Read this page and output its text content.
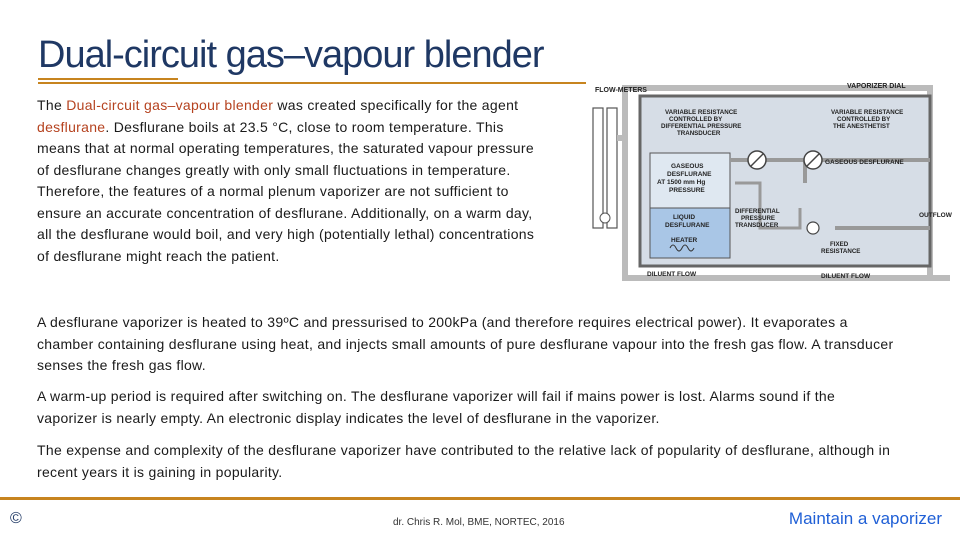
Dual-circuit gas–vapour blender
The Dual-circuit gas–vapour blender was created specifically for the agent desflurane. Desflurane boils at 23.5 °C, close to room temperature. This means that at normal operating temperatures, the saturated vapour pressure of desflurane changes greatly with only small fluctuations in temperature. Therefore, the features of a normal plenum vaporizer are not sufficient to ensure an accurate concentration of desflurane. Additionally, on a warm day, all the desflurane would boil, and very high (potentially lethal) concentrations of desflurane might reach the patient.
FLOW-METERS
VAPORIZER DIAL
VARIABLE RESISTANCE CONTROLLED BY DIFFERENTIAL PRESSURE TRANSDUCER
VARIABLE RESISTANCE CONTROLLED BY THE ANESTHETIST
GASEOUS DESFLURANE AT 1500 mm Hg PRESSURE
GASEOUS DESFLURANE
LIQUID DESFLURANE
HEATER
DIFFERENTIAL PRESSURE TRANSDUCER
OUTFLOW
FIXED RESISTANCE
DILUENT FLOW	DILUENT FLOW
A desflurane vaporizer is heated to 39ºC and pressurised to 200kPa (and therefore requires electrical power). It evaporates a chamber containing desflurane using heat, and injects small amounts of pure desflurane vapour into the fresh gas flow. A transducer senses the fresh gas flow.
A warm-up period is required after switching on. The desflurane vaporizer will fail if mains power is lost. Alarms sound if the vaporizer is nearly empty. An electronic display indicates the level of desflurane in the vaporizer.
The expense and complexity of the desflurane vaporizer have contributed to the relative lack of popularity of desflurane, although in recent years it is gaining in popularity.
©	dr. Chris R. Mol, BME, NORTEC, 2016	Maintain a vaporizer
